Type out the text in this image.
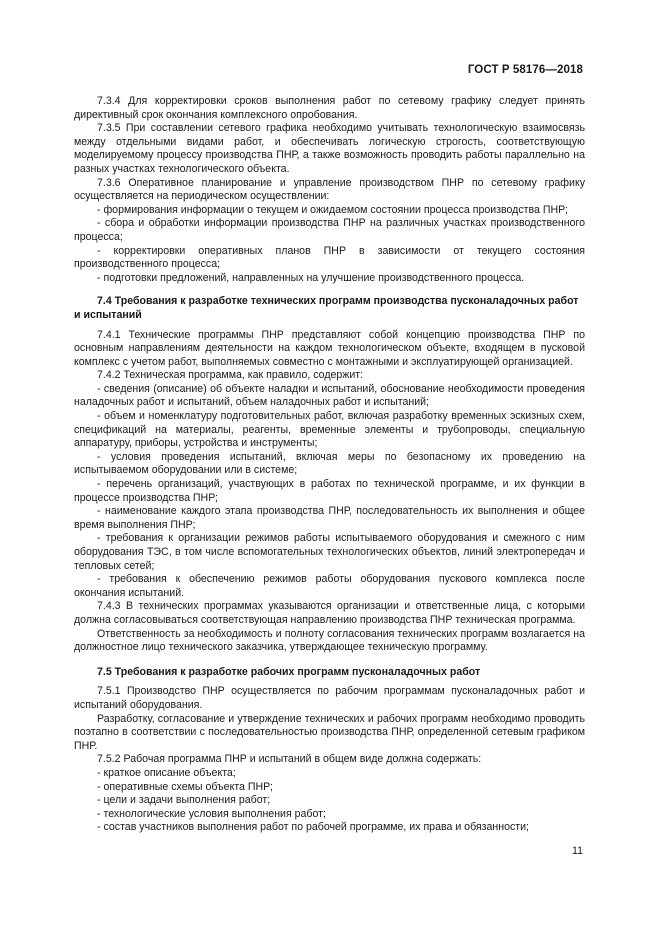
ГОСТ Р 58176—2018

7.3.4 Для корректировки сроков выполнения работ по сетевому графику следует принять директивный срок окончания комплексного опробования.

7.3.5 При составлении сетевого графика необходимо учитывать технологическую взаимосвязь между отдельными видами работ, и обеспечивать логическую строгость, соответствующую моделируемому процессу производства ПНР, а также возможность проводить работы параллельно на разных участках технологического объекта.

7.3.6 Оперативное планирование и управление производством ПНР по сетевому графику осуществляется на периодическом осуществлении:

- формирования информации о текущем и ожидаемом состоянии процесса производства ПНР;

- сбора и обработки информации производства ПНР на различных участках производственного процесса;

- корректировки оперативных планов ПНР в зависимости от текущего состояния производственного процесса;

- подготовки предложений, направленных на улучшение производственного процесса.

7.4 Требования к разработке технических программ производства пусконаладочных работ и испытаний

7.4.1 Технические программы ПНР представляют собой концепцию производства ПНР по основным направлениям деятельности на каждом технологическом объекте, входящем в пусковой комплекс с учетом работ, выполняемых совместно с монтажными и эксплуатирующей организацией.

7.4.2 Техническая программа, как правило, содержит:

- сведения (описание) об объекте наладки и испытаний, обоснование необходимости проведения наладочных работ и испытаний, объем наладочных работ и испытаний;

- объем и номенклатуру подготовительных работ, включая разработку временных эскизных схем, спецификаций на материалы, реагенты, временные элементы и трубопроводы, специальную аппаратуру, приборы, устройства и инструменты;

- условия проведения испытаний, включая меры по безопасному их проведению на испытываемом оборудовании или в системе;

- перечень организаций, участвующих в работах по технической программе, и их функции в процессе производства ПНР;

- наименование каждого этапа производства ПНР, последовательность их выполнения и общее время выполнения ПНР;

- требования к организации режимов работы испытываемого оборудования и смежного с ним оборудования ТЭС, в том числе вспомогательных технологических объектов, линий электропередач и тепловых сетей;

- требования к обеспечению режимов работы оборудования пускового комплекса после окончания испытаний.

7.4.3 В технических программах указываются организации и ответственные лица, с которыми должна согласовываться соответствующая направлению производства ПНР техническая программа.

Ответственность за необходимость и полноту согласования технических программ возлагается на должностное лицо технического заказчика, утверждающее техническую программу.

7.5 Требования к разработке рабочих программ пусконаладочных работ

7.5.1 Производство ПНР осуществляется по рабочим программам пусконаладочных работ и испытаний оборудования.

Разработку, согласование и утверждение технических и рабочих программ необходимо проводить поэтапно в соответствии с последовательностью производства ПНР, определенной сетевым графиком ПНР.

7.5.2 Рабочая программа ПНР и испытаний в общем виде должна содержать:

- краткое описание объекта;

- оперативные схемы объекта ПНР;

- цели и задачи выполнения работ;

- технологические условия выполнения работ;

- состав участников выполнения работ по рабочей программе, их права и обязанности;

11
